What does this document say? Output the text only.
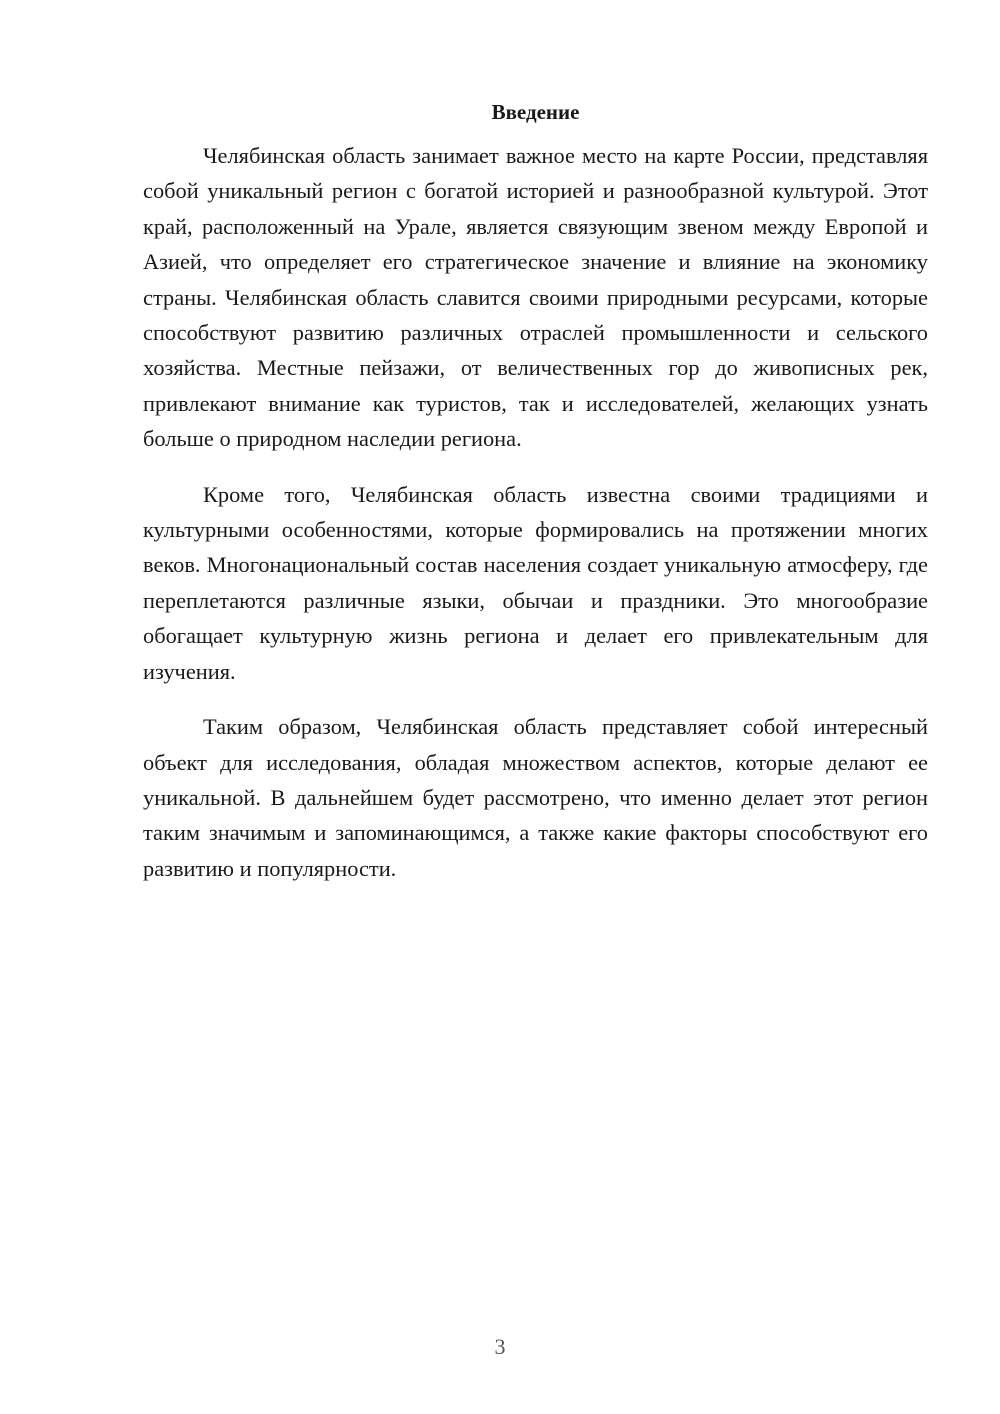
Введение

Челябинская область занимает важное место на карте России, представляя собой уникальный регион с богатой историей и разнообразной культурой. Этот край, расположенный на Урале, является связующим звеном между Европой и Азией, что определяет его стратегическое значение и влияние на экономику страны. Челябинская область славится своими природными ресурсами, которые способствуют развитию различных отраслей промышленности и сельского хозяйства. Местные пейзажи, от величественных гор до живописных рек, привлекают внимание как туристов, так и исследователей, желающих узнать больше о природном наследии региона.

Кроме того, Челябинская область известна своими традициями и культурными особенностями, которые формировались на протяжении многих веков. Многонациональный состав населения создает уникальную атмосферу, где переплетаются различные языки, обычаи и праздники. Это многообразие обогащает культурную жизнь региона и делает его привлекательным для изучения.

Таким образом, Челябинская область представляет собой интересный объект для исследования, обладая множеством аспектов, которые делают ее уникальной. В дальнейшем будет рассмотрено, что именно делает этот регион таким значимым и запоминающимся, а также какие факторы способствуют его развитию и популярности.

3
